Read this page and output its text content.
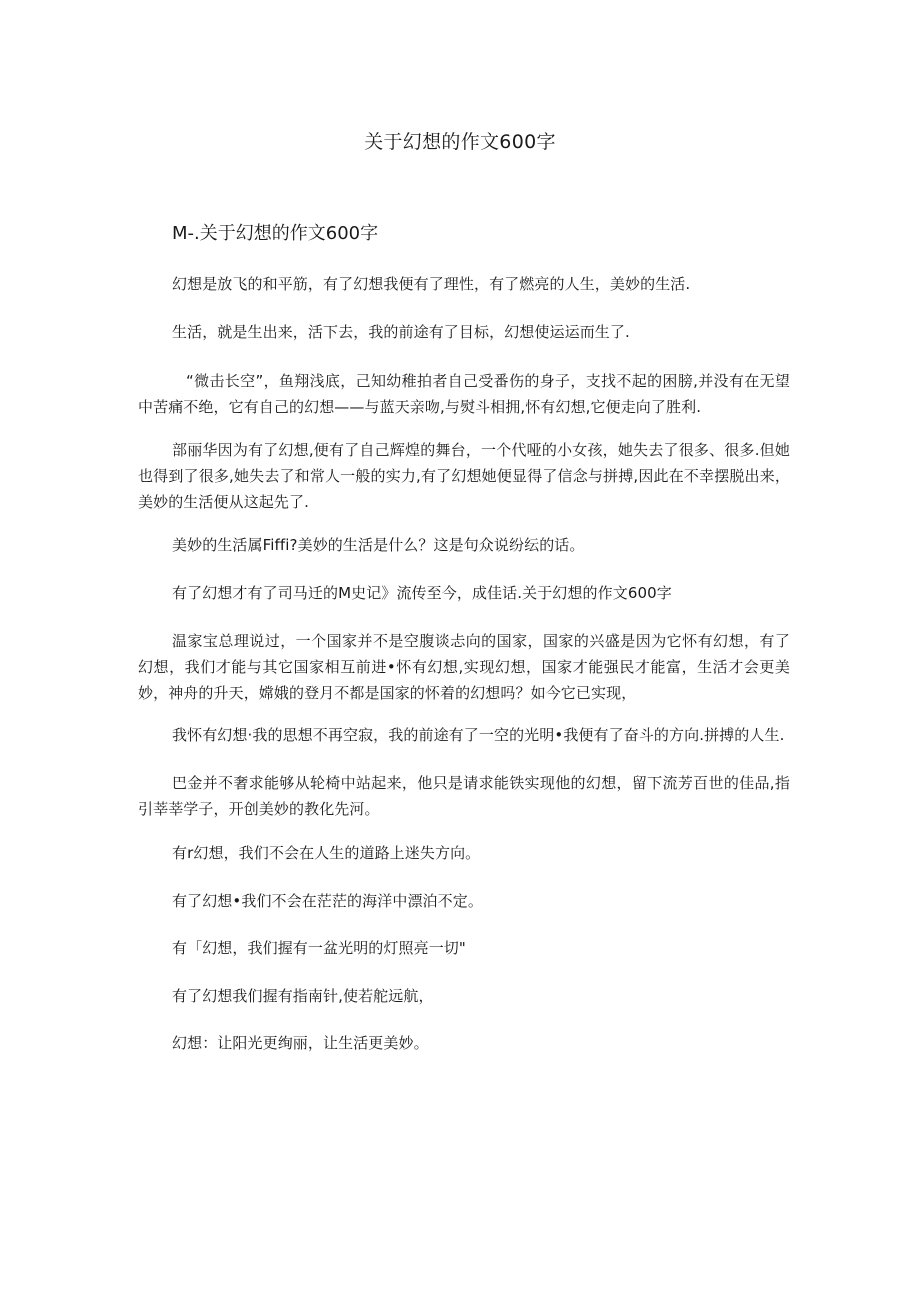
关于幻想的作文600字
M-.关于幻想的作文600字

幻想是放飞的和平筋，有了幻想我便有了理性，有了燃亮的人生，美妙的生活.

生活，就是生出来，活下去，我的前途有了目标，幻想使运运而生了.

“微击长空”，鱼翔浅底，己知幼稚拍者自己受番伤的身子，支找不起的困膀,并没有在无望中苦痛不绝，它有自己的幻想——与蓝天亲吻,与熨斗相拥,怀有幻想,它便走向了胜利.

部丽华因为有了幻想,便有了自己辉煌的舞台，一个代哑的小女孩，她失去了很多、很多.但她也得到了很多,她失去了和常人一般的实力,有了幻想她便显得了信念与拼搏,因此在不幸摆脱出来，美妙的生活便从这起先了.

美妙的生活属Fiffi?美妙的生活是什么？这是句众说纷纭的话。

有了幻想才有了司马迁的M史记》流传至今，成佳话.关于幻想的作文600字

温家宝总理说过，一个国家并不是空腹谈忐向的国家，国家的兴盛是因为它怀有幻想，有了幻想，我们才能与其它国家相互前进•怀有幻想,实现幻想，国家才能强民才能富，生活才会更美妙，神舟的升天，嫦娥的登月不都是国家的怀着的幻想吗？如今它已实现，

我怀有幻想·我的思想不再空寂，我的前途有了一空的光明•我便有了奋斗的方向.拼搏的人生.

巴金并不奢求能够从轮椅中站起来，他只是请求能铁实现他的幻想，留下流芳百世的佳品,指引莘莘学子，开创美妙的教化先河。

有r幻想，我们不会在人生的道路上迷失方向。

有了幻想•我们不会在茫茫的海洋中漂泊不定。

有「幻想，我们握有一盆光明的灯照亮一切"

有了幻想我们握有指南针,使若舵远航，

幻想：让阳光更绚丽，让生活更美妙。
